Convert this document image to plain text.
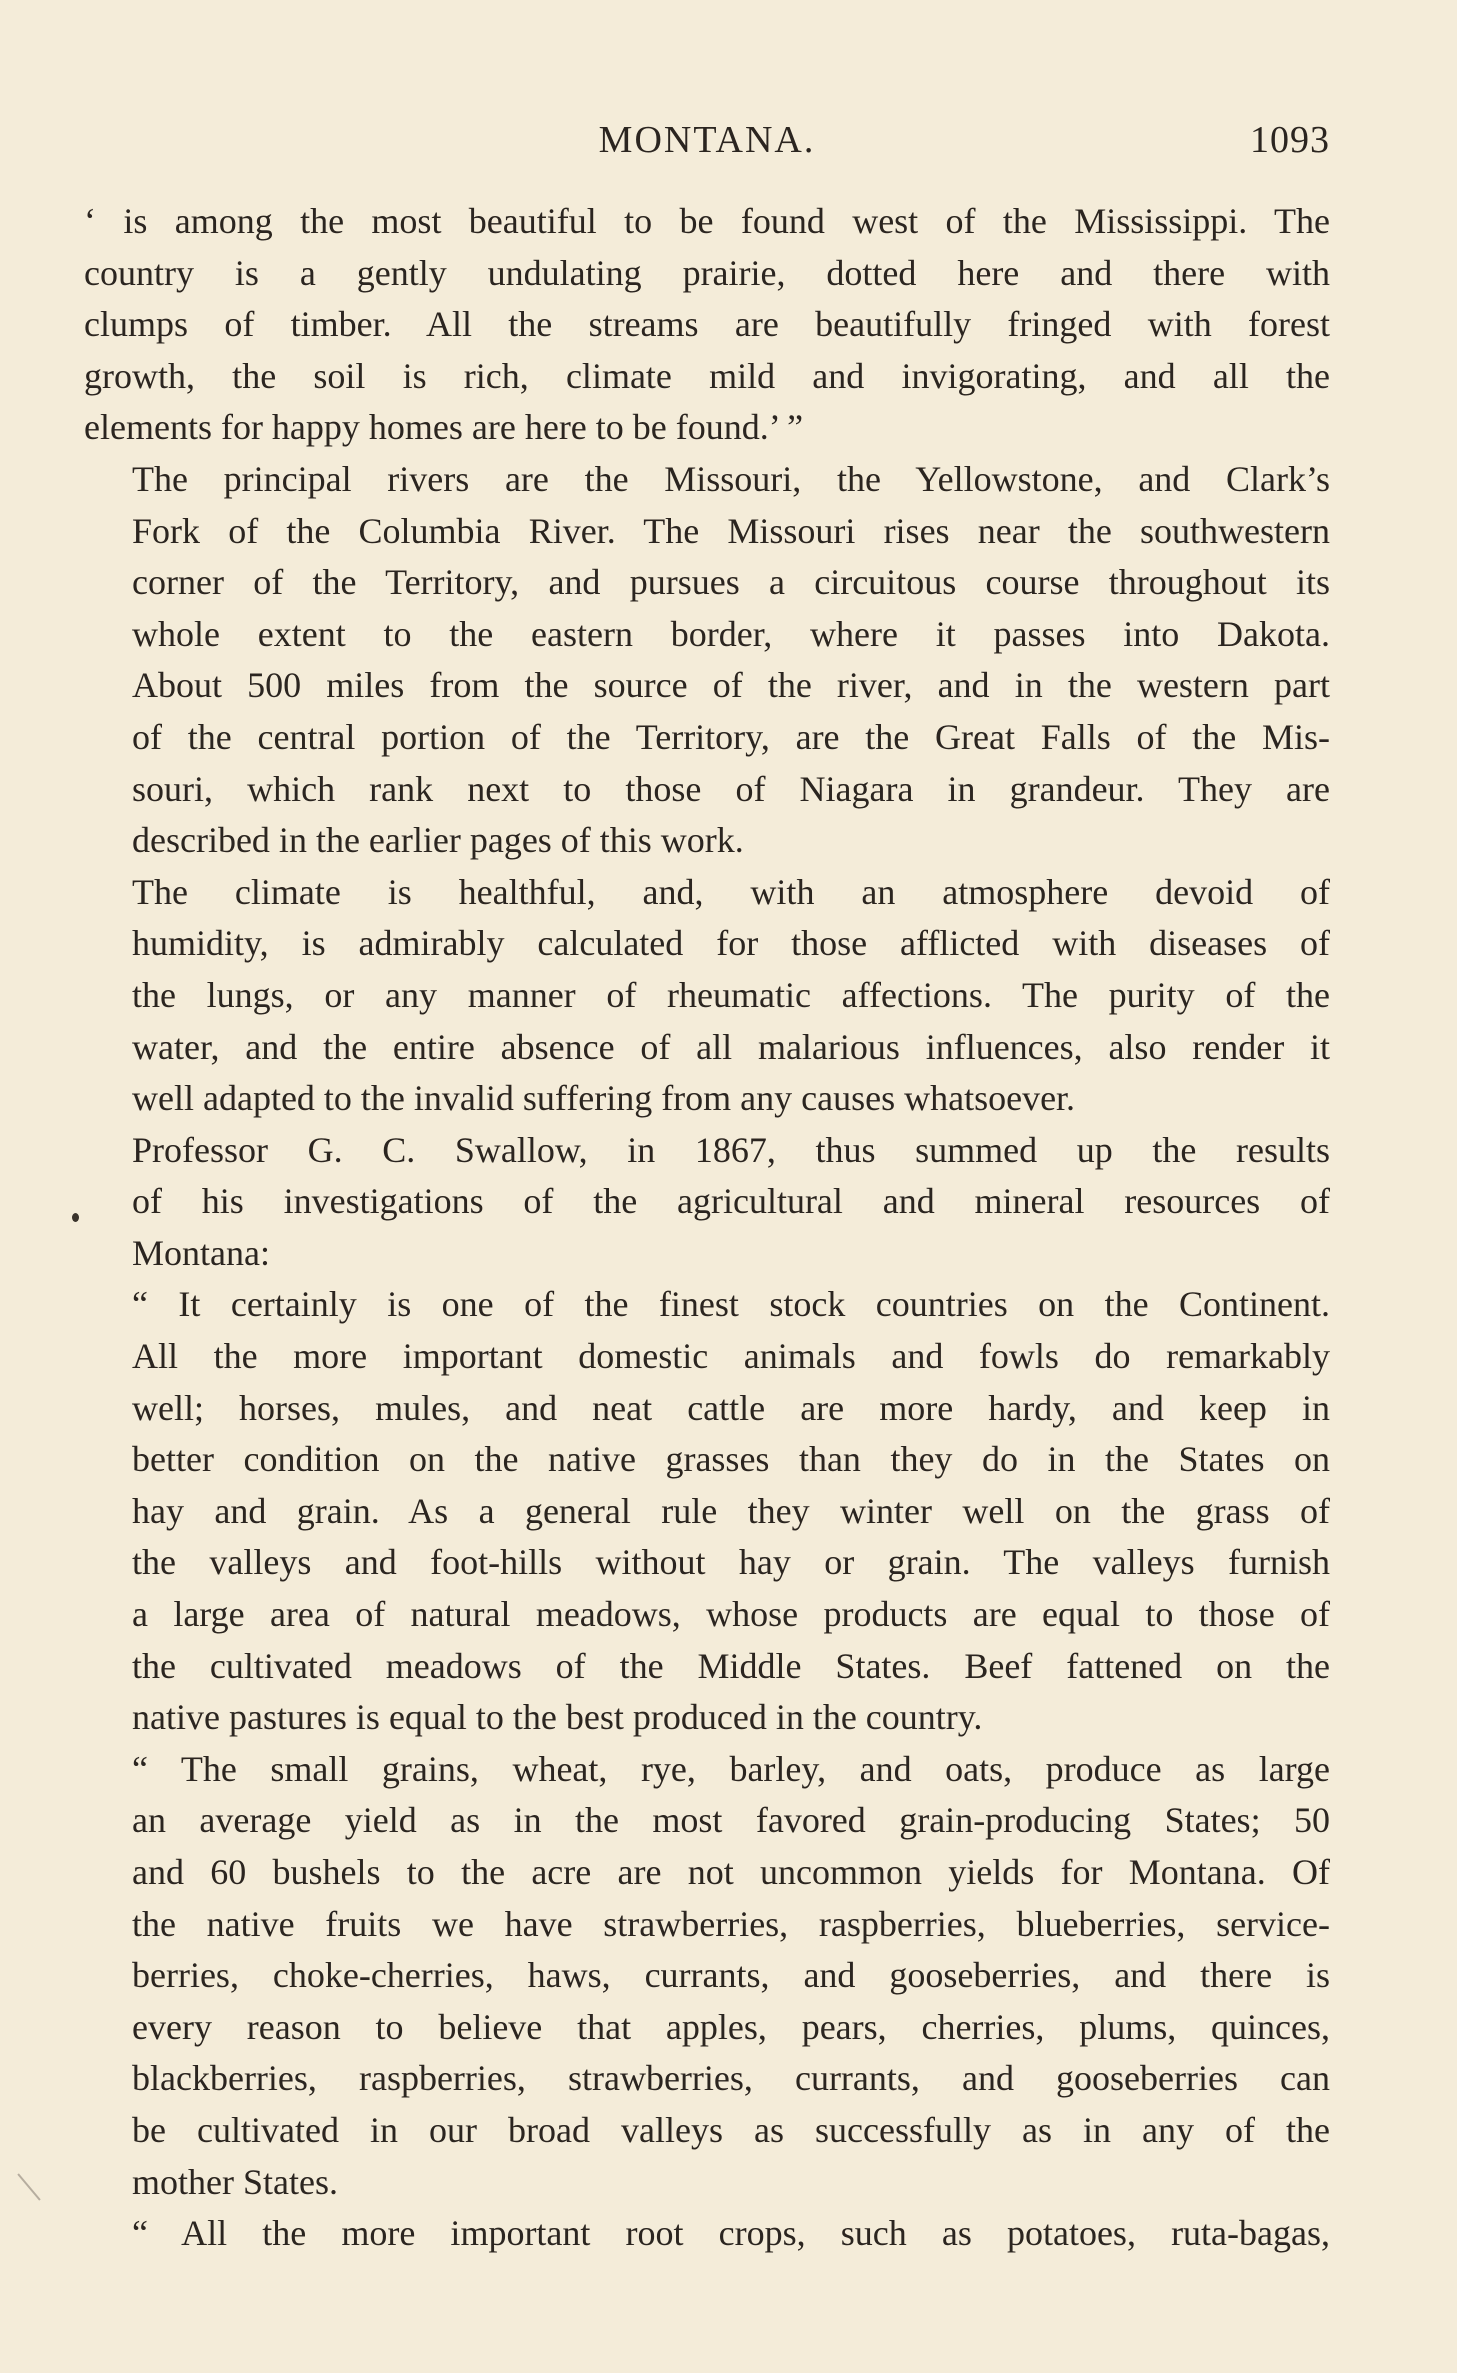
MONTANA.	1093
‘ is among the most beautiful to be found west of the Mississippi. The
country is a gently undulating prairie, dotted here and there with
clumps of timber. All the streams are beautifully fringed with forest
growth, the soil is rich, climate mild and invigorating, and all the
elements for happy homes are here to be found.’ ”
The principal rivers are the Missouri, the Yellowstone, and Clark’s
Fork of the Columbia River. The Missouri rises near the southwestern
corner of the Territory, and pursues a circuitous course throughout its
whole extent to the eastern border, where it passes into Dakota.
About 500 miles from the source of the river, and in the western part
of the central portion of the Territory, are the Great Falls of the Mis-
souri, which rank next to those of Niagara in grandeur. They are
described in the earlier pages of this work.
The climate is healthful, and, with an atmosphere devoid of
humidity, is admirably calculated for those afflicted with diseases of
the lungs, or any manner of rheumatic affections. The purity of the
water, and the entire absence of all malarious influences, also render it
well adapted to the invalid suffering from any causes whatsoever.
Professor G. C. Swallow, in 1867, thus summed up the results
of his investigations of the agricultural and mineral resources of
Montana:
“ It certainly is one of the finest stock countries on the Continent.
All the more important domestic animals and fowls do remarkably
well; horses, mules, and neat cattle are more hardy, and keep in
better condition on the native grasses than they do in the States on
hay and grain. As a general rule they winter well on the grass of
the valleys and foot-hills without hay or grain. The valleys furnish
a large area of natural meadows, whose products are equal to those of
the cultivated meadows of the Middle States. Beef fattened on the
native pastures is equal to the best produced in the country.
“ The small grains, wheat, rye, barley, and oats, produce as large
an average yield as in the most favored grain-producing States; 50
and 60 bushels to the acre are not uncommon yields for Montana. Of
the native fruits we have strawberries, raspberries, blueberries, service-
berries, choke-cherries, haws, currants, and gooseberries, and there is
every reason to believe that apples, pears, cherries, plums, quinces,
blackberries, raspberries, strawberries, currants, and gooseberries can
be cultivated in our broad valleys as successfully as in any of the
mother States.
“ All the more important root crops, such as potatoes, ruta-bagas,
